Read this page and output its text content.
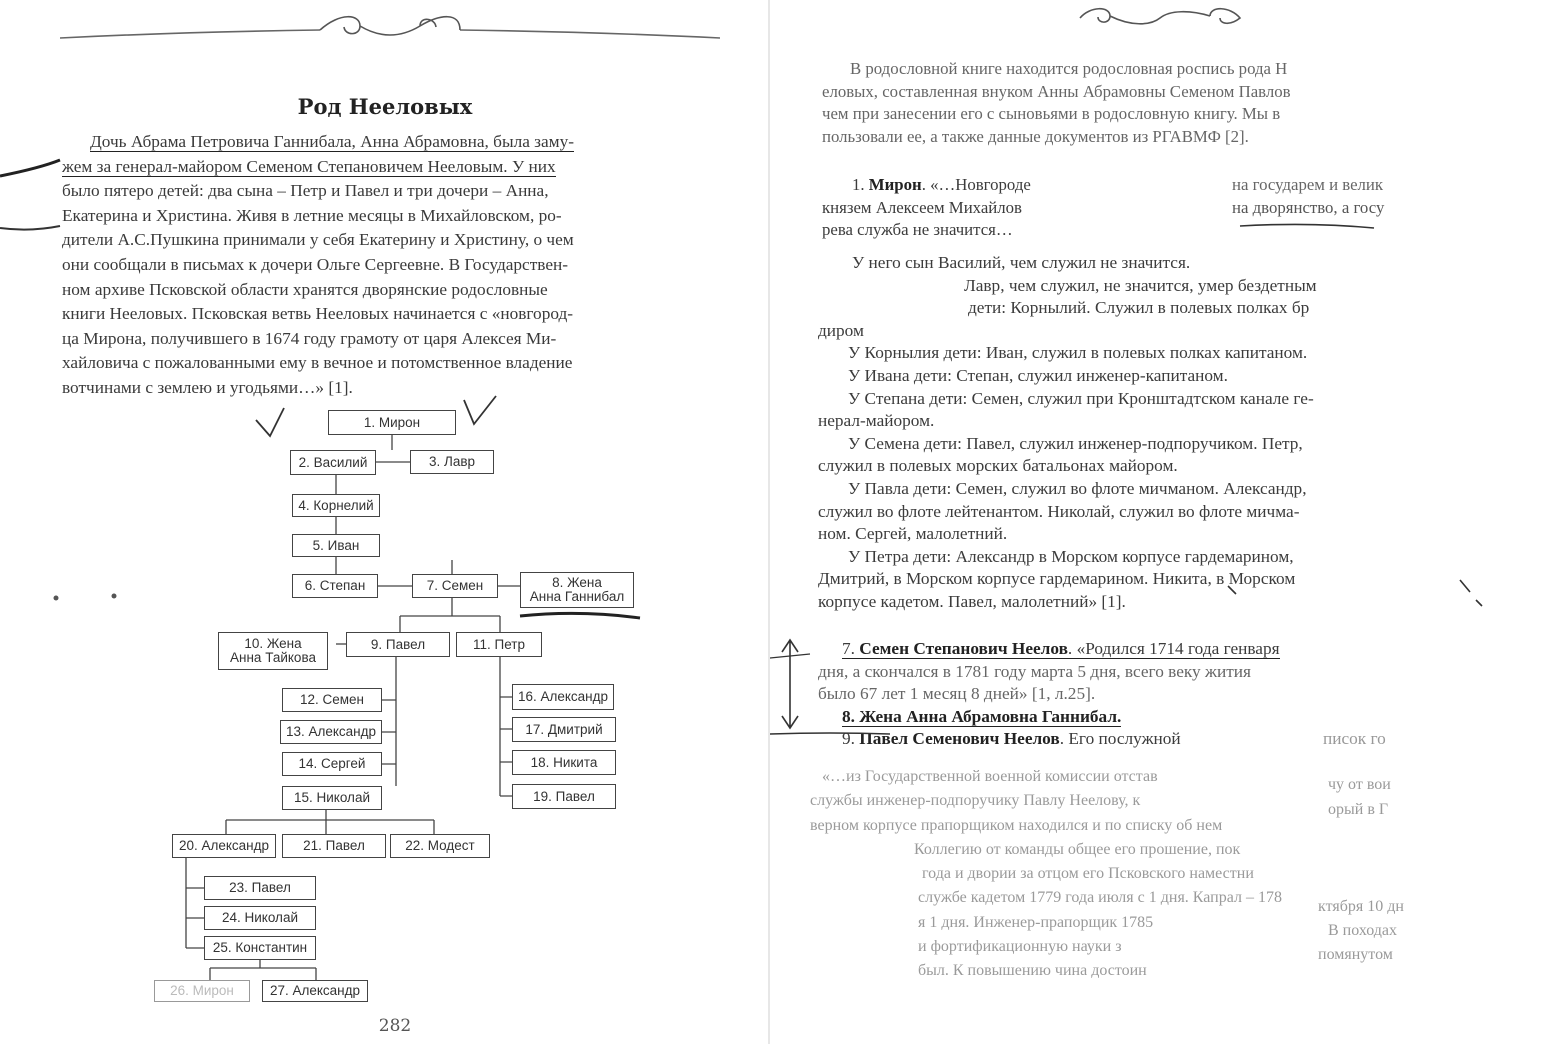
Род Нееловых
Дочь Абрама Петровича Ганнибала, Анна Абрамовна, была заму-
жем за генерал-майором Семеном Степановичем Нееловым. У них
было пятеро детей: два сына – Петр и Павел и три дочери – Анна,
Екатерина и Христина. Живя в летние месяцы в Михайловском, ро-
дители А.С.Пушкина принимали у себя Екатерину и Христину, о чем
они сообщали в письмах к дочери Ольге Сергеевне. В Государствен-
ном архиве Псковской области хранятся дворянские родословные
книги Нееловых. Псковская ветвь Нееловых начинается с «новгород-
ца Мирона, получившего в 1674 году грамоту от царя Алексея Ми-
хайловича с пожалованными ему в вечное и потомственное владение
вотчинами с землею и угодьями…» [1].
1. Мирон
2. Василий	3. Лавр
4. Корнелий
5. Иван
6. Степан	7. Семен	8. Жена
Анна Ганнибал
10. Жена
Анна Тайкова
9. Павел	11. Петр
12. Семен
13. Александр
14. Сергей
15. Николай
16. Александр
17. Дмитрий
18. Никита
19. Павел
20. Александр	21. Павел	22. Модест
23. Павел
24. Николай
25. Константин
26. Мирон	27. Александр
282
В родословной книге находится родословная роспись рода Н
еловых, составленная внуком Анны Абрамовны Семеном Павлов
чем при занесении его с сыновьями в родословную книгу. Мы в
пользовали ее, а также данные документов из РГАВМФ [2].
1. Мирон. «…Новгороде	на государем и велик
князем Алексеем Михайлов	на дворянство, а госу
рева служба не значится…
У него сын Василий, чем служил не значится.
Лавр, чем служил, не значится, умер бездетным
дети: Корнылий. Служил в полевых полках бр
диром
У Корнылия дети: Иван, служил в полевых полках капитаном.
У Ивана дети: Степан, служил инженер-капитаном.
У Степана дети: Семен, служил при Кронштадтском канале ге-
нерал-майором.
У Семена дети: Павел, служил инженер-подпоручиком. Петр,
служил в полевых морских батальонах майором.
У Павла дети: Семен, служил во флоте мичманом. Александр,
служил во флоте лейтенантом. Николай, служил во флоте мичма-
ном. Сергей, малолетний.
У Петра дети: Александр в Морском корпусе гардемарином,
Дмитрий, в Морском корпусе гардемарином. Никита, в Морском
корпусе кадетом. Павел, малолетний» [1].
7. Семен Степанович Неелов. «Родился 1714 года генваря
дня, а скончался в 1781 году марта 5 дня, всего веку жития
было 67 лет 1 месяц 8 дней» [1, л.25].
8. Жена Анна Абрамовна Ганнибал.
9. Павел Семенович Неелов. Его послужной	писок го
«…из Государственной военной комиссии отстав
службы инженер-подпоручику Павлу Неелову, к
верном корпусе прапорщиком находился и по списку об нем
Коллегию от команды общее его прошение, пок
года и двории за отцом его Псковского наместни
службе кадетом 1779 года июля с 1 дня. Капрал – 178
я 1 дня. Инженер-прапорщик 1785
и фортификационную науки з
был. К повышению чина достоин
чу от вои
орый в Г
ктября 10 дн
В походах
помянутом
